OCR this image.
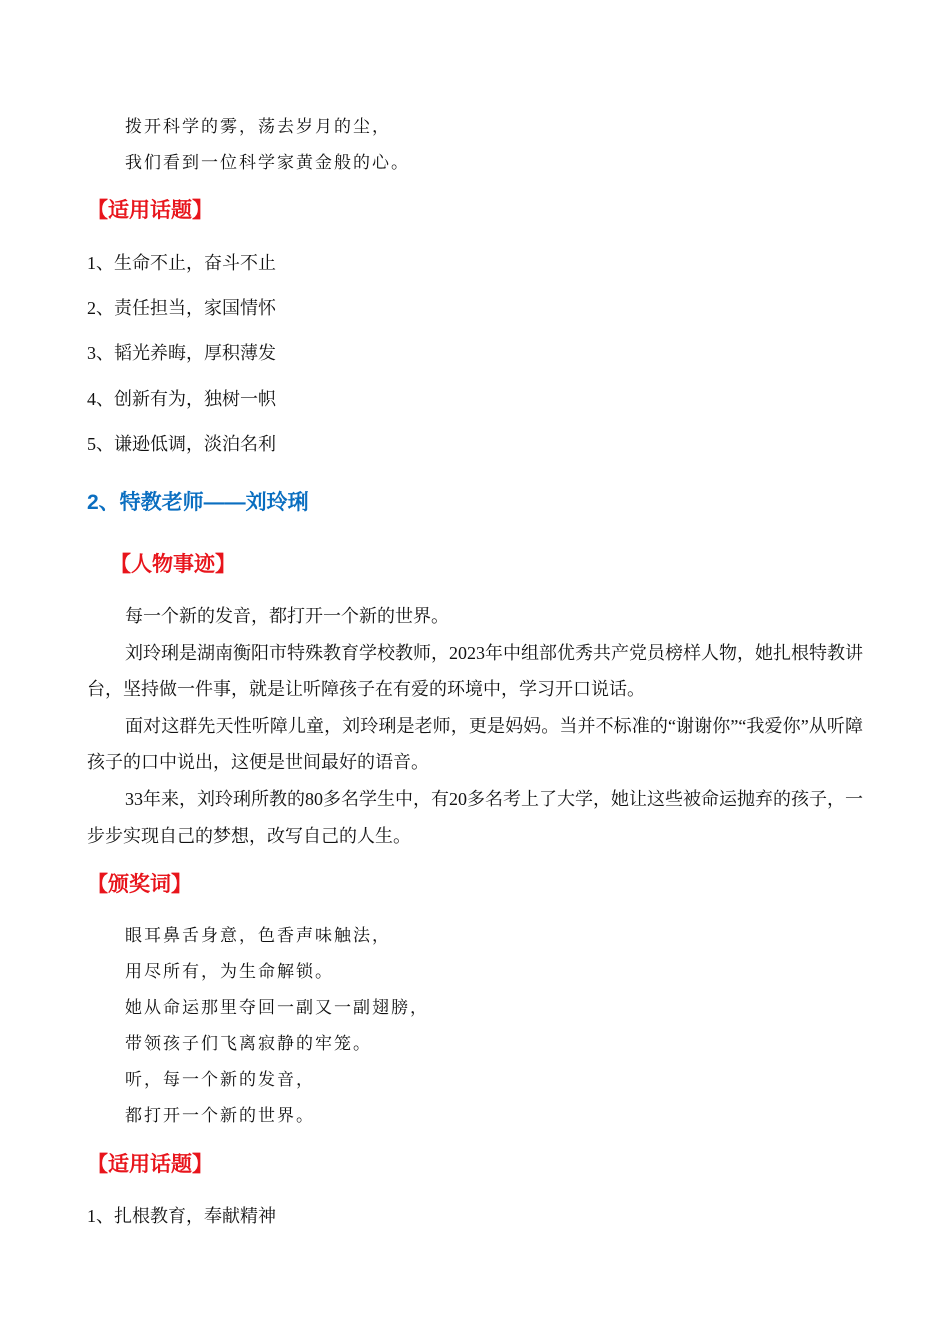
拨开科学的雾，荡去岁月的尘，
我们看到一位科学家黄金般的心。
【适用话题】
1、生命不止，奋斗不止
2、责任担当，家国情怀
3、韬光养晦，厚积薄发
4、创新有为，独树一帜
5、谦逊低调，淡泊名利
2、特教老师——刘玲琍
【人物事迹】

每一个新的发音，都打开一个新的世界。

刘玲琍是湖南衡阳市特殊教育学校教师，2023年中组部优秀共产党员榜样人物，她扎根特教讲台，坚持做一件事，就是让听障孩子在有爱的环境中，学习开口说话。

面对这群先天性听障儿童，刘玲琍是老师，更是妈妈。当并不标准的“谢谢你”“我爱你”从听障孩子的口中说出，这便是世间最好的语音。

33年来，刘玲琍所教的80多名学生中，有20多名考上了大学，她让这些被命运抛弃的孩子，一步步实现自己的梦想，改写自己的人生。

【颁奖词】
眼耳鼻舌身意，色香声味触法，
用尽所有，为生命解锁。
她从命运那里夺回一副又一副翅膀，
带领孩子们飞离寂静的牢笼。
听，每一个新的发音，
都打开一个新的世界。
【适用话题】
1、扎根教育，奉献精神
